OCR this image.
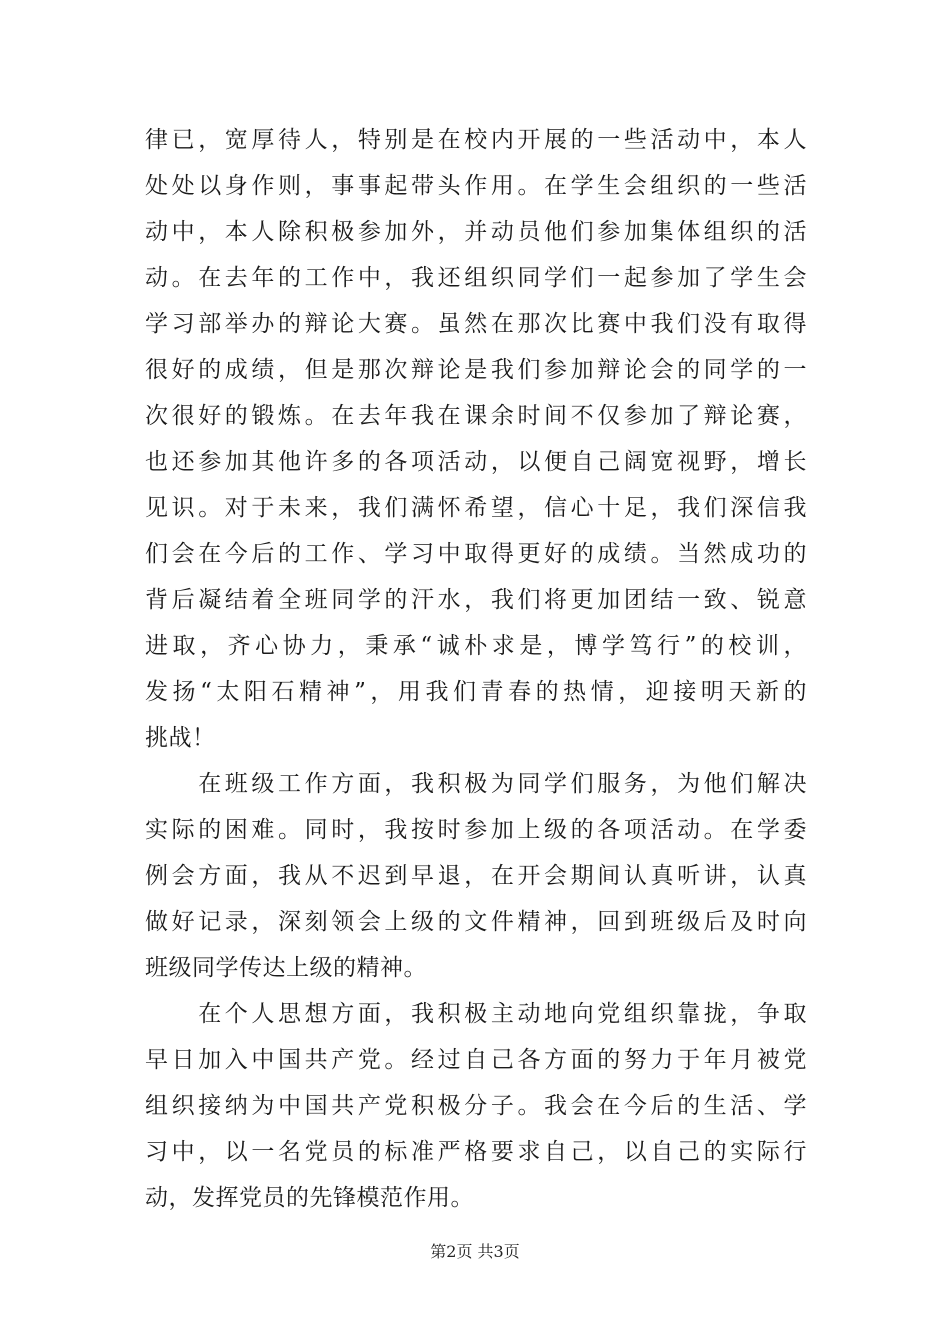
律已，宽厚待人，特别是在校内开展的一些活动中，本人
处处以身作则，事事起带头作用。在学生会组织的一些活
动中，本人除积极参加外，并动员他们参加集体组织的活
动。在去年的工作中，我还组织同学们一起参加了学生会
学习部举办的辩论大赛。虽然在那次比赛中我们没有取得
很好的成绩，但是那次辩论是我们参加辩论会的同学的一
次很好的锻炼。在去年我在课余时间不仅参加了辩论赛，
也还参加其他许多的各项活动，以便自己阔宽视野，增长
见识。对于未来，我们满怀希望，信心十足，我们深信我
们会在今后的工作、学习中取得更好的成绩。当然成功的
背后凝结着全班同学的汗水，我们将更加团结一致、锐意
进取，齐心协力，秉承“诚朴求是，博学笃行”的校训，
发扬“太阳石精神”，用我们青春的热情，迎接明天新的
挑战！
　　在班级工作方面，我积极为同学们服务，为他们解决
实际的困难。同时，我按时参加上级的各项活动。在学委
例会方面，我从不迟到早退，在开会期间认真听讲，认真
做好记录，深刻领会上级的文件精神，回到班级后及时向
班级同学传达上级的精神。
　　在个人思想方面，我积极主动地向党组织靠拢，争取
早日加入中国共产党。经过自己各方面的努力于年月被党
组织接纳为中国共产党积极分子。我会在今后的生活、学
习中，以一名党员的标准严格要求自己，以自己的实际行
动，发挥党员的先锋模范作用。
第2页 共3页
